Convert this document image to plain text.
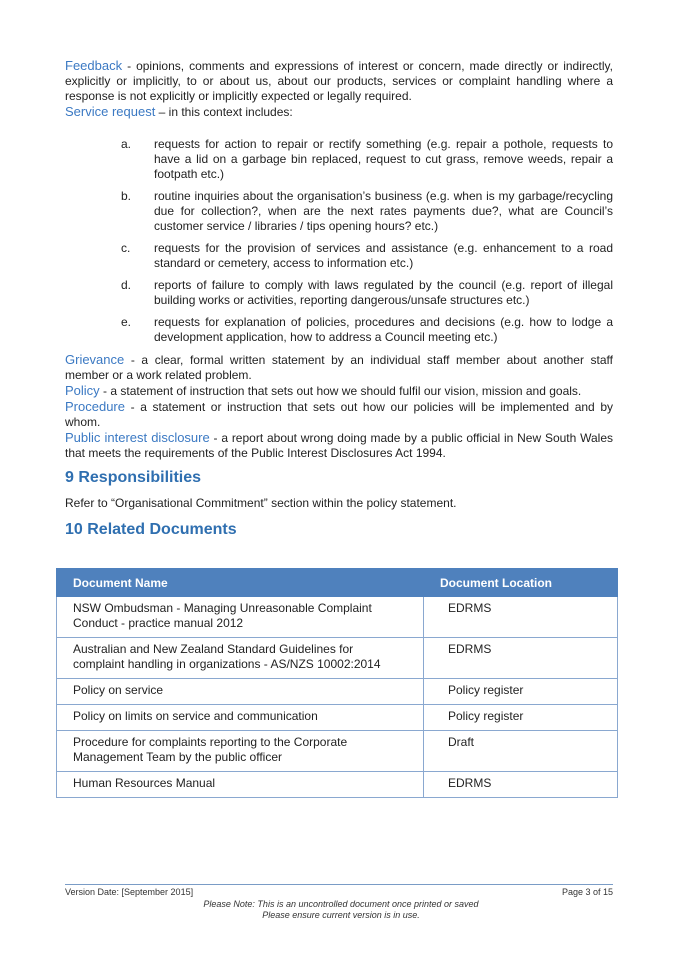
Feedback - opinions, comments and expressions of interest or concern, made directly or indirectly, explicitly or implicitly, to or about us, about our products, services or complaint handling where a response is not explicitly or implicitly expected or legally required.

Service request – in this context includes:

a. requests for action to repair or rectify something (e.g. repair a pothole, requests to have a lid on a garbage bin replaced, request to cut grass, remove weeds, repair a footpath etc.)
b. routine inquiries about the organisation’s business (e.g. when is my garbage/recycling due for collection?, when are the next rates payments due?, what are Council’s customer service / libraries / tips opening hours? etc.)
c. requests for the provision of services and assistance (e.g. enhancement to a road standard or cemetery, access to information etc.)
d. reports of failure to comply with laws regulated by the council (e.g. report of illegal building works or activities, reporting dangerous/unsafe structures etc.)
e. requests for explanation of policies, procedures and decisions (e.g. how to lodge a development application, how to address a Council meeting etc.)

Grievance - a clear, formal written statement by an individual staff member about another staff member or a work related problem.

Policy - a statement of instruction that sets out how we should fulfil our vision, mission and goals.

Procedure - a statement or instruction that sets out how our policies will be implemented and by whom.

Public interest disclosure - a report about wrong doing made by a public official in New South Wales that meets the requirements of the Public Interest Disclosures Act 1994.

9 Responsibilities
Refer to “Organisational Commitment” section within the policy statement.
10 Related Documents
Document Name	Document Location
NSW Ombudsman - Managing Unreasonable Complaint Conduct - practice manual 2012	EDRMS
Australian and New Zealand Standard Guidelines for complaint handling in organizations - AS/NZS 10002:2014	EDRMS
Policy on service	Policy register
Policy on limits on service and communication	Policy register
Procedure for complaints reporting to the Corporate Management Team by the public officer	Draft
Human Resources Manual	EDRMS
Version Date: [September 2015]	Page 3 of 15
Please Note: This is an uncontrolled document once printed or saved
Please ensure current version is in use.
